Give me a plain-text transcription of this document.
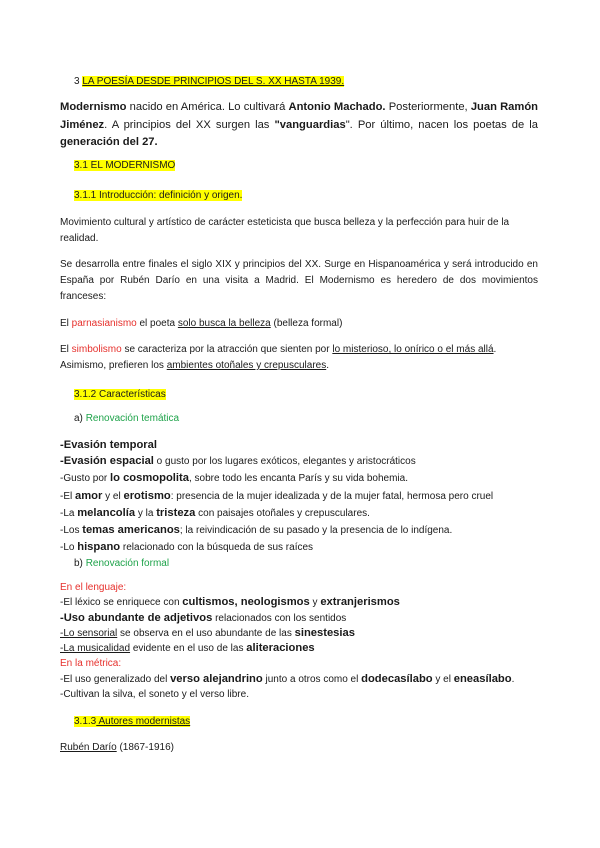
3 LA POESÍA DESDE PRINCIPIOS DEL S. XX HASTA 1939.
Modernismo nacido en América. Lo cultivará Antonio Machado. Posteriormente, Juan Ramón Jiménez. A principios del XX surgen las "vanguardias". Por último, nacen los poetas de la generación del 27.
3.1 EL MODERNISMO
3.1.1 Introducción: definición y origen.
Movimiento cultural y artístico de carácter esteticista que busca belleza y la perfección para huir de la realidad.
Se desarrolla entre finales el siglo XIX y principios del XX. Surge en Hispanoamérica y será introducido en España por Rubén Darío en una visita a Madrid. El Modernismo es heredero de dos movimientos franceses:
El parnasianismo el poeta solo busca la belleza (belleza formal)
El simbolismo se caracteriza por la atracción que sienten por lo misterioso, lo onírico o el más allá. Asimismo, prefieren los ambientes otoñales y crepusculares.
3.1.2 Características
a) Renovación temática
-Evasión temporal
-Evasión espacial o gusto por los lugares exóticos, elegantes y aristocráticos
-Gusto por lo cosmopolita, sobre todo les encanta París y su vida bohemia.
-El amor y el erotismo: presencia de la mujer idealizada y de la mujer fatal, hermosa pero cruel
-La melancolía y la tristeza con paisajes otoñales y crepusculares.
-Los temas americanos; la reivindicación de su pasado y la presencia de lo indígena.
-Lo hispano relacionado con la búsqueda de sus raíces
b) Renovación formal
En el lenguaje:
-El léxico se enriquece con cultismos, neologismos y extranjerismos
-Uso abundante de adjetivos relacionados con los sentidos
-Lo sensorial se observa en el uso abundante de las sinestesias
-La musicalidad evidente en el uso de las aliteraciones
En la métrica:
-El uso generalizado del verso alejandrino junto a otros como el dodecasílabo y el eneasílabo.
-Cultivan la silva, el soneto y el verso libre.
3.1.3 Autores modernistas
Rubén Darío (1867-1916)
